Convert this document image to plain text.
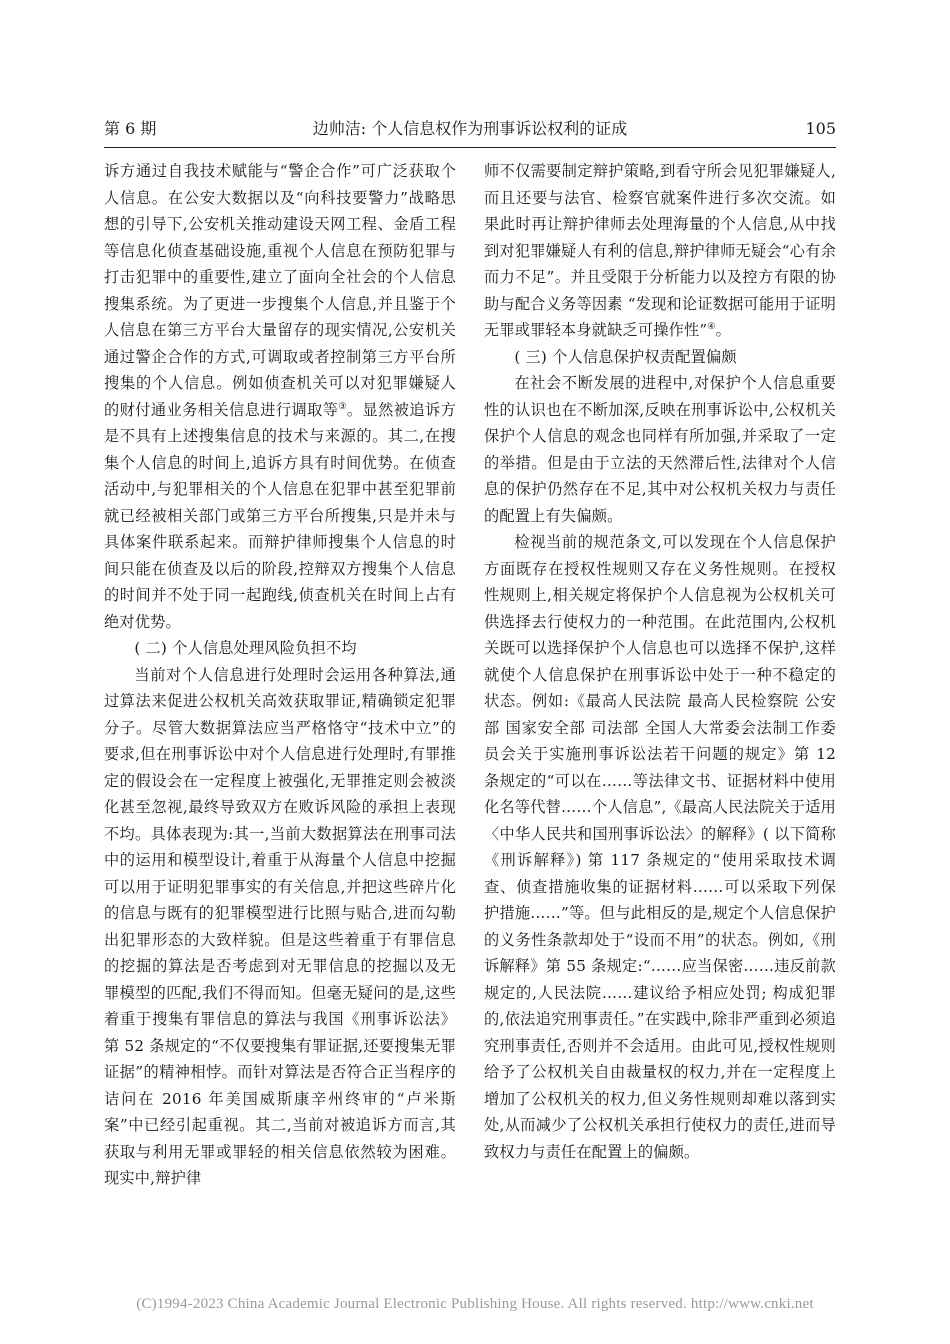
第 6 期	边帅洁: 个人信息权作为刑事诉讼权利的证成	105

诉方通过自我技术赋能与“警企合作”可广泛获取个人信息。在公安大数据以及“向科技要警力”战略思想的引导下,公安机关推动建设天网工程、金盾工程等信息化侦查基础设施,重视个人信息在预防犯罪与打击犯罪中的重要性,建立了面向全社会的个人信息搜集系统。为了更进一步搜集个人信息,并且鉴于个人信息在第三方平台大量留存的现实情况,公安机关通过警企合作的方式,可调取或者控制第三方平台所搜集的个人信息。例如侦查机关可以对犯罪嫌疑人的财付通业务相关信息进行调取等③。显然被追诉方是不具有上述搜集信息的技术与来源的。其二,在搜集个人信息的时间上,追诉方具有时间优势。在侦查活动中,与犯罪相关的个人信息在犯罪中甚至犯罪前就已经被相关部门或第三方平台所搜集,只是并未与具体案件联系起来。而辩护律师搜集个人信息的时间只能在侦查及以后的阶段,控辩双方搜集个人信息的时间并不处于同一起跑线,侦查机关在时间上占有绝对优势。

( 二) 个人信息处理风险负担不均

当前对个人信息进行处理时会运用各种算法,通过算法来促进公权机关高效获取罪证,精确锁定犯罪分子。尽管大数据算法应当严格恪守“技术中立”的要求,但在刑事诉讼中对个人信息进行处理时,有罪推定的假设会在一定程度上被强化,无罪推定则会被淡化甚至忽视,最终导致双方在败诉风险的承担上表现不均。具体表现为:其一,当前大数据算法在刑事司法中的运用和模型设计,着重于从海量个人信息中挖掘可以用于证明犯罪事实的有关信息,并把这些碎片化的信息与既有的犯罪模型进行比照与贴合,进而勾勒出犯罪形态的大致样貌。但是这些着重于有罪信息的挖掘的算法是否考虑到对无罪信息的挖掘以及无罪模型的匹配,我们不得而知。但毫无疑问的是,这些着重于搜集有罪信息的算法与我国《刑事诉讼法》第 52 条规定的“不仅要搜集有罪证据,还要搜集无罪证据”的精神相悖。而针对算法是否符合正当程序的诘问在 2016 年美国威斯康辛州终审的“卢米斯案”中已经引起重视。其二,当前对被追诉方而言,其获取与利用无罪或罪轻的相关信息依然较为困难。现实中,辩护律

师不仅需要制定辩护策略,到看守所会见犯罪嫌疑人,而且还要与法官、检察官就案件进行多次交流。如果此时再让辩护律师去处理海量的个人信息,从中找到对犯罪嫌疑人有利的信息,辩护律师无疑会“心有余而力不足”。并且受限于分析能力以及控方有限的协助与配合义务等因素 “发现和论证数据可能用于证明无罪或罪轻本身就缺乏可操作性”④。

( 三) 个人信息保护权责配置偏颇

在社会不断发展的进程中,对保护个人信息重要性的认识也在不断加深,反映在刑事诉讼中,公权机关保护个人信息的观念也同样有所加强,并采取了一定的举措。但是由于立法的天然滞后性,法律对个人信息的保护仍然存在不足,其中对公权机关权力与责任的配置上有失偏颇。

检视当前的规范条文,可以发现在个人信息保护方面既存在授权性规则又存在义务性规则。在授权性规则上,相关规定将保护个人信息视为公权机关可供选择去行使权力的一种范围。在此范围内,公权机关既可以选择保护个人信息也可以选择不保护,这样就使个人信息保护在刑事诉讼中处于一种不稳定的状态。例如:《最高人民法院 最高人民检察院 公安部 国家安全部 司法部 全国人大常委会法制工作委员会关于实施刑事诉讼法若干问题的规定》第 12 条规定的“可以在……等法律文书、证据材料中使用化名等代替……个人信息”,《最高人民法院关于适用〈中华人民共和国刑事诉讼法〉的解释》( 以下简称《刑诉解释》) 第 117 条规定的“使用采取技术调查、侦查措施收集的证据材料……可以采取下列保护措施……”等。但与此相反的是,规定个人信息保护的义务性条款却处于“设而不用”的状态。例如,《刑诉解释》第 55 条规定:“……应当保密……违反前款规定的,人民法院……建议给予相应处罚; 构成犯罪的,依法追究刑事责任。”在实践中,除非严重到必须追究刑事责任,否则并不会适用。由此可见,授权性规则给予了公权机关自由裁量权的权力,并在一定程度上增加了公权机关的权力,但义务性规则却难以落到实处,从而减少了公权机关承担行使权力的责任,进而导致权力与责任在配置上的偏颇。

(C)1994-2023 China Academic Journal Electronic Publishing House. All rights reserved. http://www.cnki.net
